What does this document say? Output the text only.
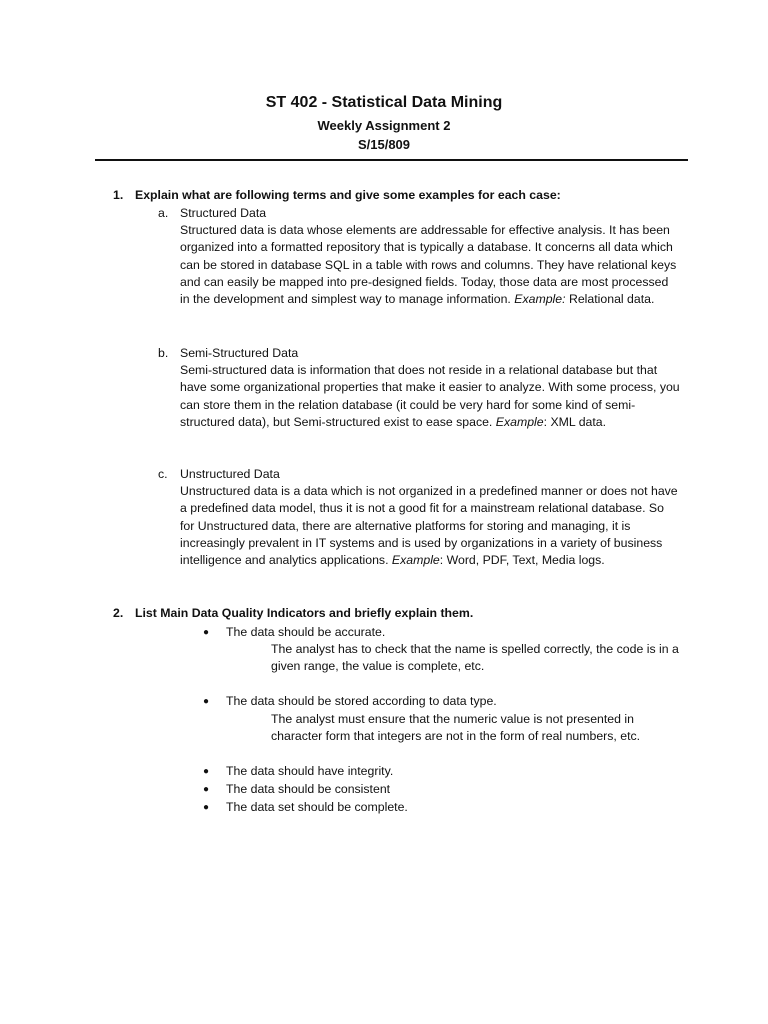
ST 402 - Statistical Data Mining
Weekly Assignment 2
S/15/809
1. Explain what are following terms and give some examples for each case:
a. Structured Data
Structured data is data whose elements are addressable for effective analysis. It has been organized into a formatted repository that is typically a database. It concerns all data which can be stored in database SQL in a table with rows and columns. They have relational keys and can easily be mapped into pre-designed fields. Today, those data are most processed in the development and simplest way to manage information. Example: Relational data.
b. Semi-Structured Data
Semi-structured data is information that does not reside in a relational database but that have some organizational properties that make it easier to analyze. With some process, you can store them in the relation database (it could be very hard for some kind of semi-structured data), but Semi-structured exist to ease space. Example: XML data.
c. Unstructured Data
Unstructured data is a data which is not organized in a predefined manner or does not have a predefined data model, thus it is not a good fit for a mainstream relational database. So for Unstructured data, there are alternative platforms for storing and managing, it is increasingly prevalent in IT systems and is used by organizations in a variety of business intelligence and analytics applications. Example: Word, PDF, Text, Media logs.
2. List Main Data Quality Indicators and briefly explain them.
● The data should be accurate.
The analyst has to check that the name is spelled correctly, the code is in a given range, the value is complete, etc.
● The data should be stored according to data type.
The analyst must ensure that the numeric value is not presented in character form that integers are not in the form of real numbers, etc.
● The data should have integrity.
● The data should be consistent
● The data set should be complete.
